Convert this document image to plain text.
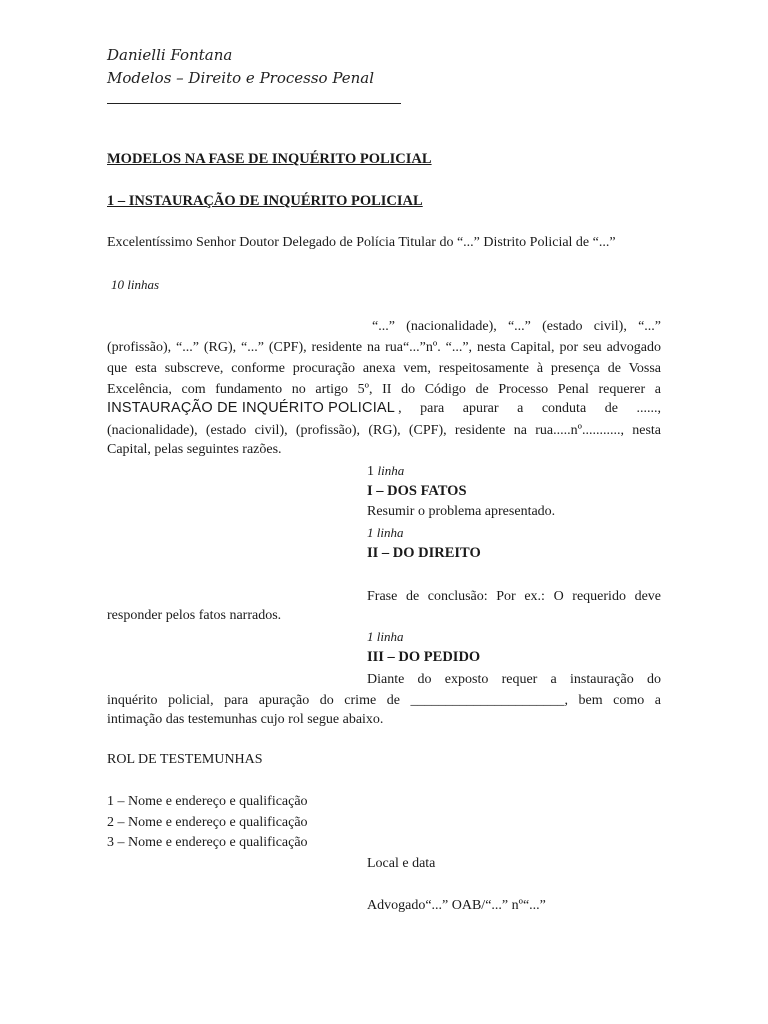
Danielli Fontana
Modelos – Direito e Processo Penal
MODELOS NA FASE DE INQUÉRITO POLICIAL
1 – INSTAURAÇÃO DE INQUÉRITO POLICIAL
Excelentíssimo Senhor Doutor Delegado de Polícia Titular do “...” Distrito Policial de “...”
10 linhas
“...” (nacionalidade), “...” (estado civil), “...”
(profissão), “...” (RG), “...” (CPF), residente na rua“...”nº. “...”, nesta Capital, por seu advogado
que esta subscreve, conforme procuração anexa vem, respeitosamente à presença de Vossa
Excelência, com fundamento no artigo 5º, II do Código de Processo Penal requerer a
INSTAURAÇÃO DE INQUÉRITO POLICIAL , para apurar a conduta de ......,
(nacionalidade), (estado civil), (profissão), (RG), (CPF), residente na rua.....nº..........., nesta
Capital, pelas seguintes razões.
1 linha
I – DOS FATOS
Resumir o problema apresentado.
1 linha
II – DO DIREITO
Frase de conclusão: Por ex.: O requerido deve
responder pelos fatos narrados.
1 linha
III – DO PEDIDO
Diante do exposto requer a instauração do
inquérito policial, para apuração do crime de ______________________, bem como a
intimação das testemunhas cujo rol segue abaixo.
ROL DE TESTEMUNHAS
1 – Nome e endereço e qualificação
2 – Nome e endereço e qualificação
3 – Nome e endereço e qualificação
Local e data
Advogado“...” OAB/“...” nº“...”
